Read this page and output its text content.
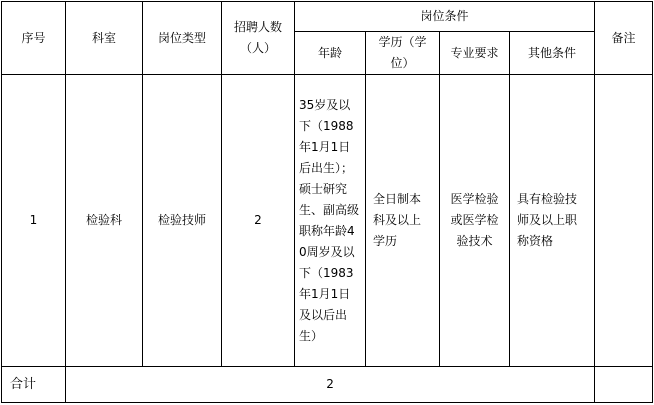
序号	科室	岗位类型	招聘人数（人）	岗位条件				备注
				年龄	学历（学位）	专业要求	其他条件	
1	检验科	检验技师	2	35岁及以下（1988年1月1日后出生）；硕士研究生、副高级职称年龄40周岁及以下（1983年1月1日及以后出生）	全日制本科及以上学历	医学检验或医学检验技术	具有检验技师及以上职称资格	
合计	2							
